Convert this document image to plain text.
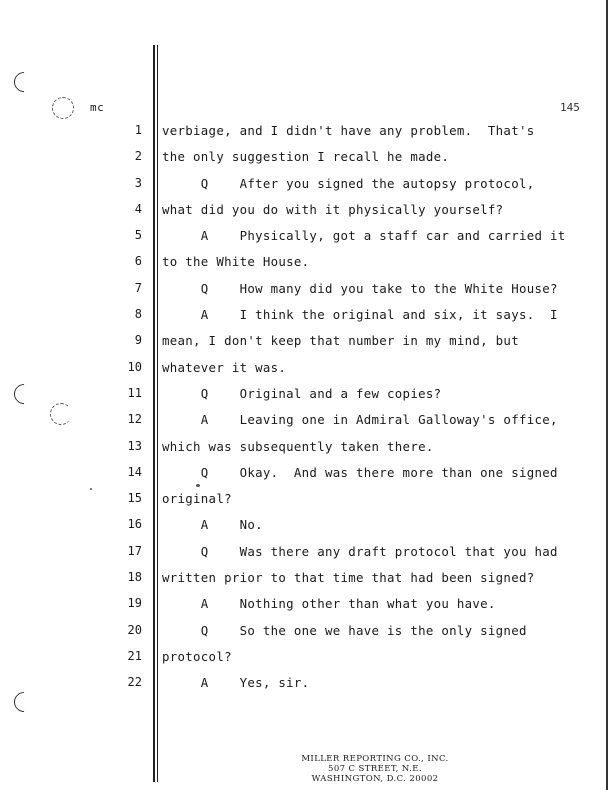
mc	145
1 verbiage, and I didn't have any problem.  That's
2 the only suggestion I recall he made.
3 Q    After you signed the autopsy protocol,
4 what did you do with it physically yourself?
5 A    Physically, got a staff car and carried it
6 to the White House.
7 Q    How many did you take to the White House?
8 A    I think the original and six, it says.  I
9 mean, I don't keep that number in my mind, but
10 whatever it was.
11 Q    Original and a few copies?
12 A    Leaving one in Admiral Galloway's office,
13 which was subsequently taken there.
14 Q    Okay.  And was there more than one signed
15 original?
16 A    No.
17 Q    Was there any draft protocol that you had
18 written prior to that time that had been signed?
19 A    Nothing other than what you have.
20 Q    So the one we have is the only signed
21 protocol?
22 A    Yes, sir.
MILLER REPORTING CO., INC.
507 C STREET, N.E.
WASHINGTON, D.C. 20002
